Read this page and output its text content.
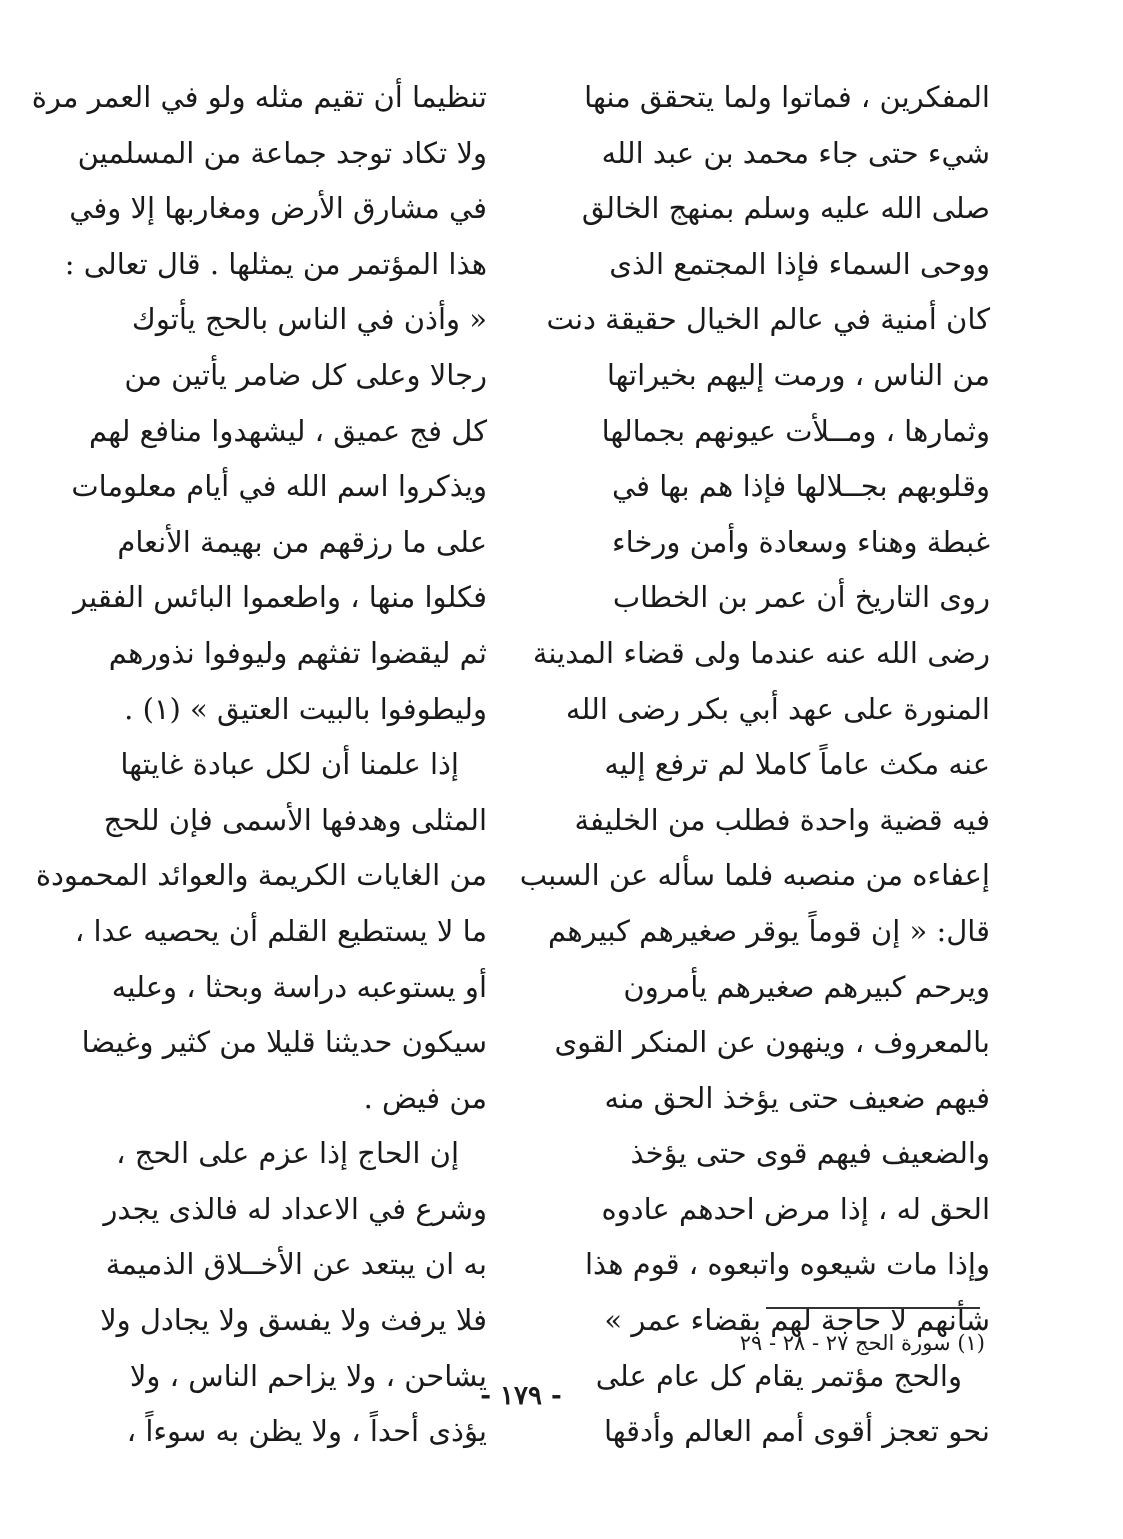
المفكرين ، فماتوا ولما يتحقق منها
شيء حتى جاء محمد بن عبد الله
صلى الله عليه وسلم بمنهج الخالق
ووحى السماء فإذا المجتمع الذى
كان أمنية في عالم الخيال حقيقة دنت
من الناس ، ورمت إليهم بخيراتها
وثمارها ، ومــلأت عيونهم بجمالها
وقلوبهم بجــلالها فإذا هم بها في
غبطة وهناء وسعادة وأمن ورخاء
روى التاريخ أن عمر بن الخطاب
رضى الله عنه عندما ولى قضاء المدينة
المنورة على عهد أبي بكر رضى الله
عنه مكث عاماً كاملا لم ترفع إليه
فيه قضية واحدة فطلب من الخليفة
إعفاءه من منصبه فلما سأله عن السبب
قال: « إن قوماً يوقر صغيرهم كبيرهم
ويرحم كبيرهم صغيرهم يأمرون
بالمعروف ، وينهون عن المنكر القوى
فيهم ضعيف حتى يؤخذ الحق منه
والضعيف فيهم قوى حتى يؤخذ
الحق له ، إذا مرض احدهم عادوه
وإذا مات شيعوه واتبعوه ، قوم هذا
شأنهم لا حاجة لهم بقضاء عمر »
والحج مؤتمر يقام كل عام على
نحو تعجز أقوى أمم العالم وأدقها
تنظيما أن تقيم مثله ولو في العمر مرة
ولا تكاد توجد جماعة من المسلمين
في مشارق الأرض ومغاربها إلا وفي
هذا المؤتمر من يمثلها . قال تعالى :
« وأذن في الناس بالحج يأتوك
رجالا وعلى كل ضامر يأتين من
كل فج عميق ، ليشهدوا منافع لهم
ويذكروا اسم الله في أيام معلومات
على ما رزقهم من بهيمة الأنعام
فكلوا منها ، واطعموا البائس الفقير
ثم ليقضوا تفثهم وليوفوا نذورهم
وليطوفوا بالبيت العتيق » (١) .
إذا علمنا أن لكل عبادة غايتها
المثلى وهدفها الأسمى فإن للحج
من الغايات الكريمة والعوائد المحمودة
ما لا يستطيع القلم أن يحصيه عدا ،
أو يستوعبه دراسة وبحثا ، وعليه
سيكون حديثنا قليلا من كثير وغيضا
من فيض .
إن الحاج إذا عزم على الحج ،
وشرع في الاعداد له فالذى يجدر
به ان يبتعد عن الأخــلاق الذميمة
فلا يرفث ولا يفسق ولا يجادل ولا
يشاحن ، ولا يزاحم الناس ، ولا
يؤذى أحداً ، ولا يظن به سوءاً ،
(١) سورة الحج ٢٧ - ٢٨ - ٢٩
- ١٧٩ -
